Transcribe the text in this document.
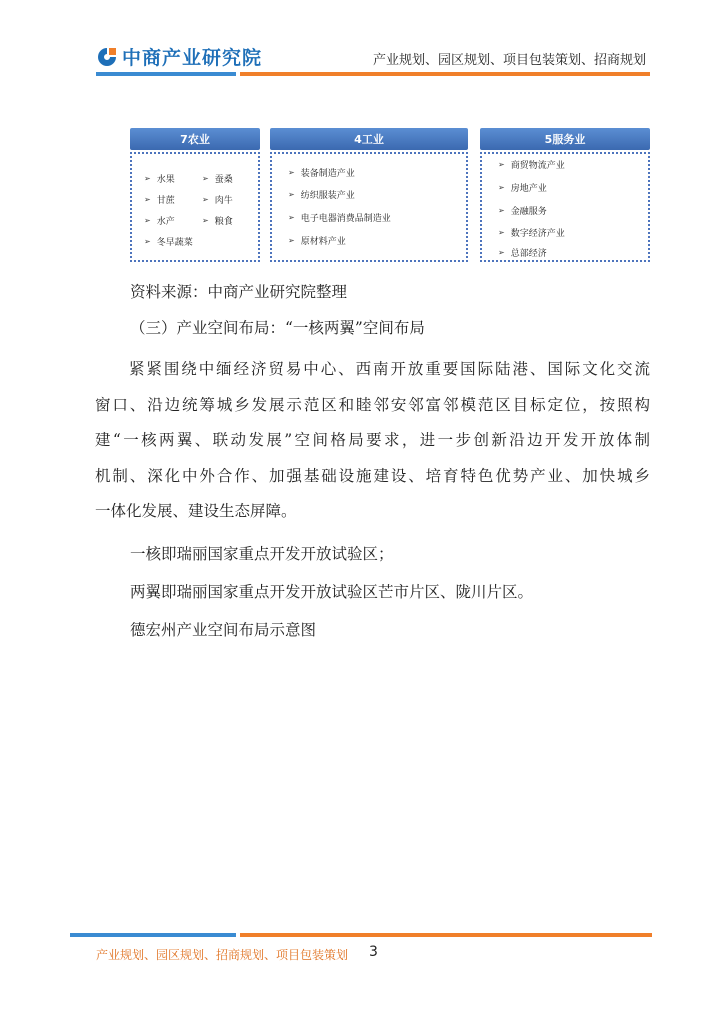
中商产业研究院	产业规划、园区规划、项目包装策划、招商规划
7农业
➢ 水果	➢ 蚕桑
➢ 甘蔗	➢ 肉牛
➢ 水产	➢ 粮食
➢ 冬早蔬菜
4工业
➢ 装备制造产业
➢ 纺织服装产业
➢ 电子电器消费品制造业
➢ 原材料产业
5服务业
➢ 商贸物流产业
➢ 房地产业
➢ 金融服务
➢ 数字经济产业
➢ 总部经济
资料来源：中商产业研究院整理
（三）产业空间布局：“一核两翼”空间布局
紧紧围绕中缅经济贸易中心、西南开放重要国际陆港、国际文化交流
窗口、沿边统筹城乡发展示范区和睦邻安邻富邻模范区目标定位，按照构
建“一核两翼、联动发展”空间格局要求，进一步创新沿边开发开放体制
机制、深化中外合作、加强基础设施建设、培育特色优势产业、加快城乡
一体化发展、建设生态屏障。
一核即瑞丽国家重点开发开放试验区；
两翼即瑞丽国家重点开发开放试验区芒市片区、陇川片区。
德宏州产业空间布局示意图
产业规划、园区规划、招商规划、项目包装策划 3
